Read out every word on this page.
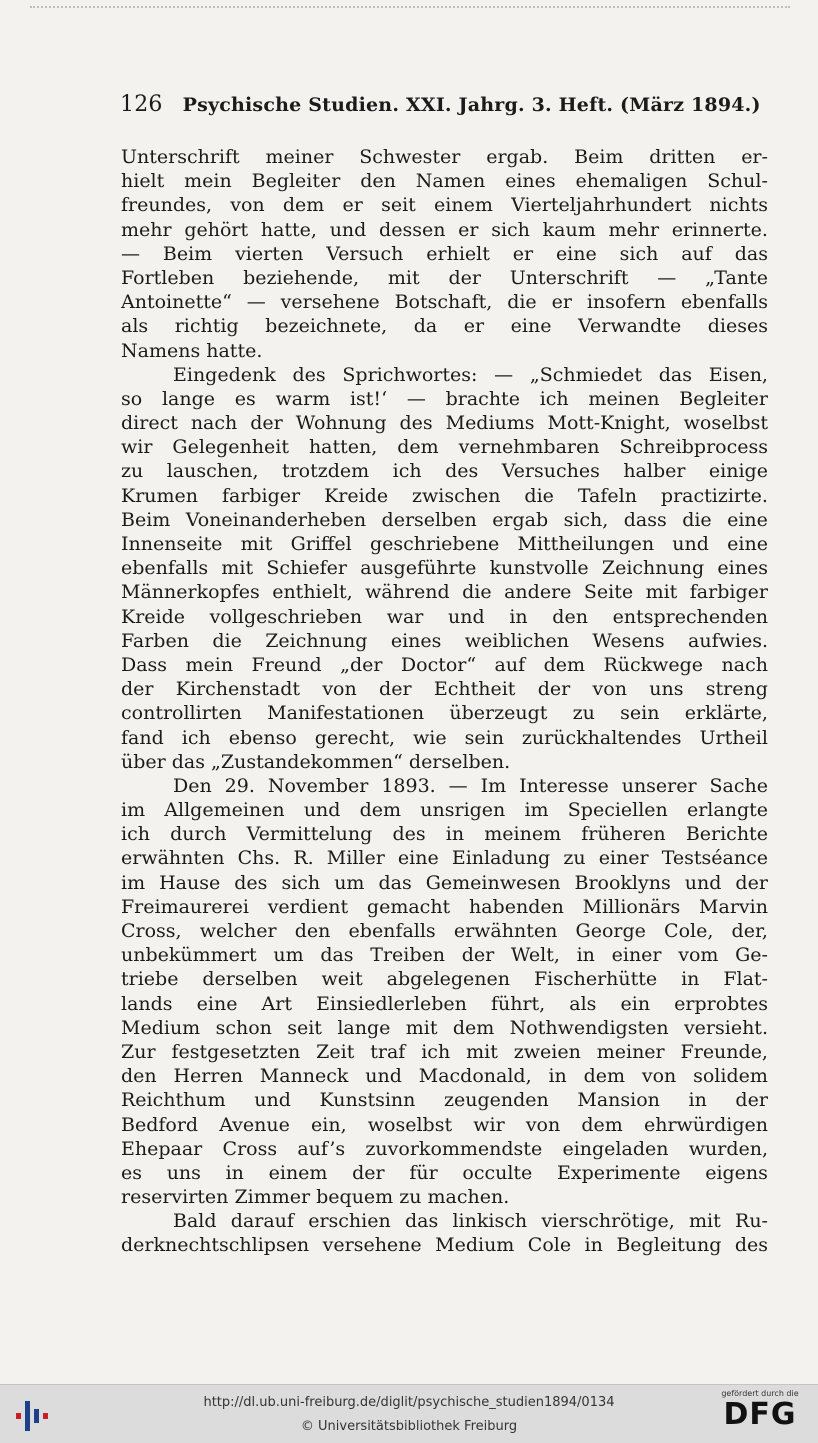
126 Psychische Studien. XXI. Jahrg. 3. Heft. (März 1894.)
Unterschrift meiner Schwester ergab. Beim dritten er-
hielt mein Begleiter den Namen eines ehemaligen Schul-
freundes, von dem er seit einem Vierteljahrhundert nichts
mehr gehört hatte, und dessen er sich kaum mehr erinnerte.
— Beim vierten Versuch erhielt er eine sich auf das
Fortleben beziehende, mit der Unterschrift — „Tante
Antoinette“ — versehene Botschaft, die er insofern ebenfalls
als richtig bezeichnete, da er eine Verwandte dieses
Namens hatte.
Eingedenk des Sprichwortes: — „Schmiedet das Eisen,
so lange es warm ist!‘ — brachte ich meinen Begleiter
direct nach der Wohnung des Mediums Mott-Knight, woselbst
wir Gelegenheit hatten, dem vernehmbaren Schreibprocess
zu lauschen, trotzdem ich des Versuches halber einige
Krumen farbiger Kreide zwischen die Tafeln practizirte.
Beim Voneinanderheben derselben ergab sich, dass die eine
Innenseite mit Griffel geschriebene Mittheilungen und eine
ebenfalls mit Schiefer ausgeführte kunstvolle Zeichnung eines
Männerkopfes enthielt, während die andere Seite mit farbiger
Kreide vollgeschrieben war und in den entsprechenden
Farben die Zeichnung eines weiblichen Wesens aufwies.
Dass mein Freund „der Doctor“ auf dem Rückwege nach
der Kirchenstadt von der Echtheit der von uns streng
controllirten Manifestationen überzeugt zu sein erklärte,
fand ich ebenso gerecht, wie sein zurückhaltendes Urtheil
über das „Zustandekommen“ derselben.
Den 29. November 1893. — Im Interesse unserer Sache
im Allgemeinen und dem unsrigen im Speciellen erlangte
ich durch Vermittelung des in meinem früheren Berichte
erwähnten Chs. R. Miller eine Einladung zu einer Testséance
im Hause des sich um das Gemeinwesen Brooklyns und der
Freimaurerei verdient gemacht habenden Millionärs Marvin
Cross, welcher den ebenfalls erwähnten George Cole, der,
unbekümmert um das Treiben der Welt, in einer vom Ge-
triebe derselben weit abgelegenen Fischerhütte in Flat-
lands eine Art Einsiedlerleben führt, als ein erprobtes
Medium schon seit lange mit dem Nothwendigsten versieht.
Zur festgesetzten Zeit traf ich mit zweien meiner Freunde,
den Herren Manneck und Macdonald, in dem von solidem
Reichthum und Kunstsinn zeugenden Mansion in der
Bedford Avenue ein, woselbst wir von dem ehrwürdigen
Ehepaar Cross auf’s zuvorkommendste eingeladen wurden,
es uns in einem der für occulte Experimente eigens
reservirten Zimmer bequem zu machen.
Bald darauf erschien das linkisch vierschrötige, mit Ru-
derknechtschlipsen versehene Medium Cole in Begleitung des
http://dl.ub.uni-freiburg.de/diglit/psychische_studien1894/0134
© Universitätsbibliothek Freiburg
gefördert durch die
DFG
